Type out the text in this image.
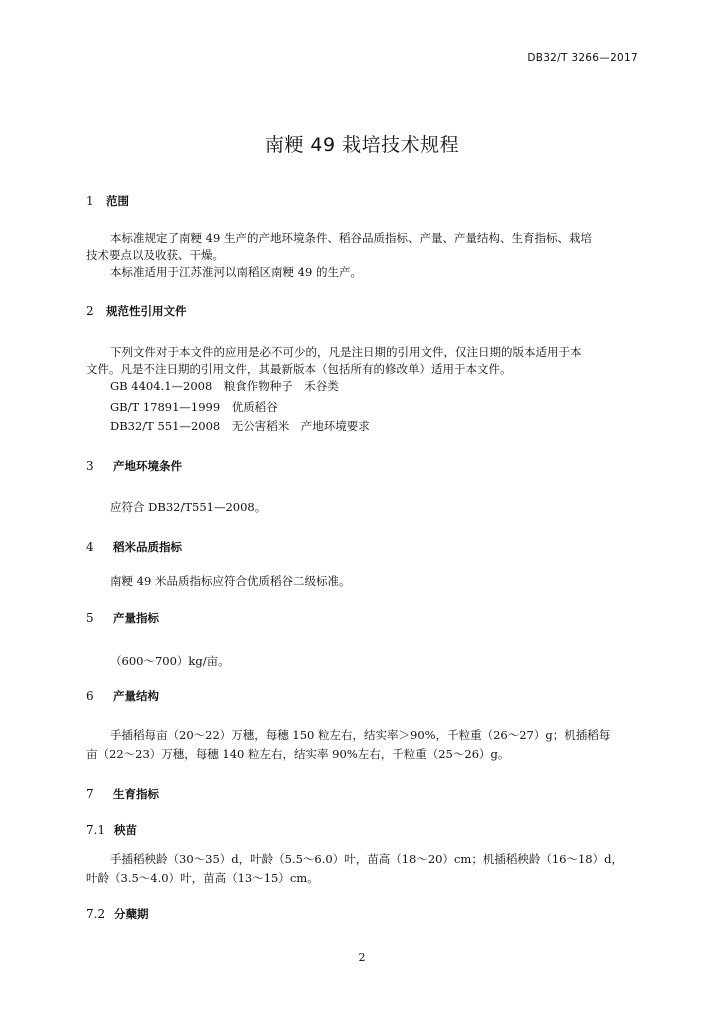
DB32/T 3266—2017
南粳 49 栽培技术规程
1 范围
本标准规定了南粳 49 生产的产地环境条件、稻谷品质指标、产量、产量结构、生育指标、栽培
技术要点以及收获、干燥。
本标准适用于江苏淮河以南稻区南粳 49 的生产。
2 规范性引用文件
下列文件对于本文件的应用是必不可少的，凡是注日期的引用文件，仅注日期的版本适用于本
文件。凡是不注日期的引用文件，其最新版本（包括所有的修改单）适用于本文件。
GB 4404.1—2008　粮食作物种子　禾谷类
GB/T 17891—1999　优质稻谷
DB32/T 551—2008　无公害稻米　产地环境要求
3 产地环境条件
应符合 DB32/T551—2008。
4 稻米品质指标
南粳 49 米品质指标应符合优质稻谷二级标准。
5 产量指标
（600～700）kg/亩。
6 产量结构
手插稻每亩（20～22）万穗，每穗 150 粒左右，结实率＞90%，千粒重（26～27）g；机插稻每
亩（22～23）万穗，每穗 140 粒左右，结实率 90%左右，千粒重（25～26）g。
7 生育指标
7.1 秧苗
手插稻秧龄（30～35）d，叶龄（5.5～6.0）叶，苗高（18～20）cm；机插稻秧龄（16～18）d，
叶龄（3.5～4.0）叶，苗高（13～15）cm。
7.2 分蘖期
2
